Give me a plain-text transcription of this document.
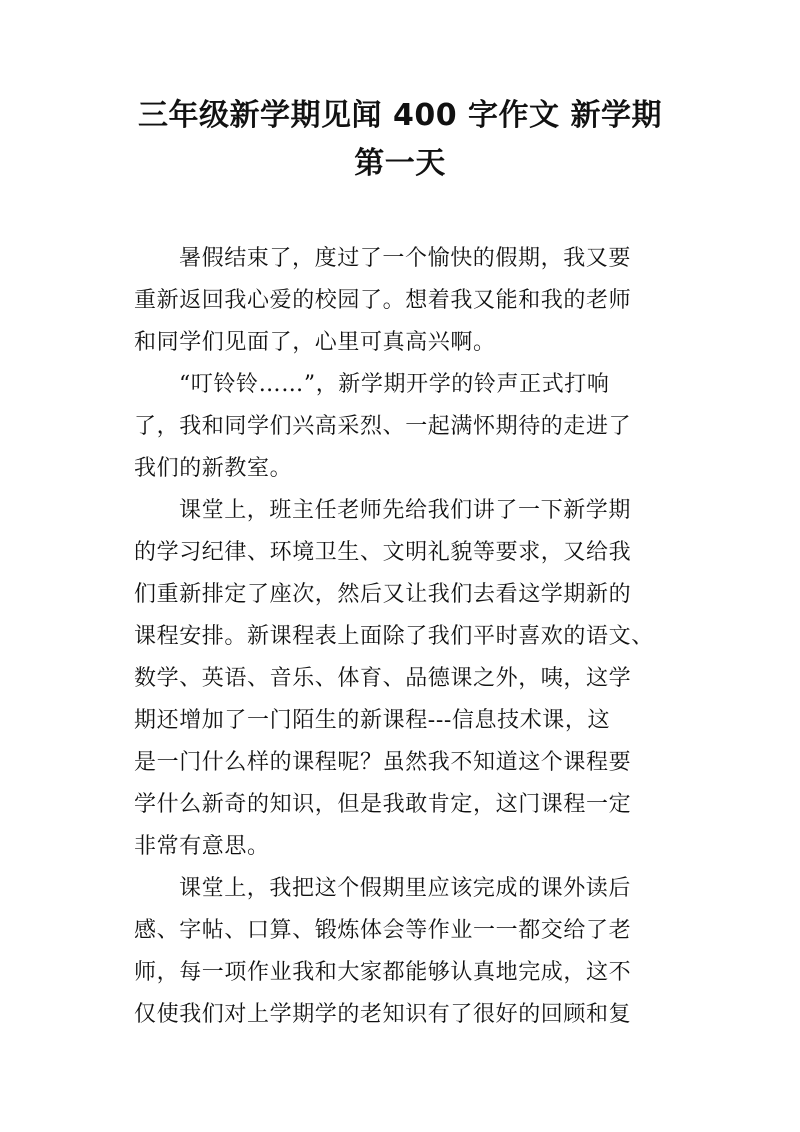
三年级新学期见闻 400 字作文 新学期
第一天
暑假结束了，度过了一个愉快的假期，我又要
重新返回我心爱的校园了。想着我又能和我的老师
和同学们见面了，心里可真高兴啊。
“叮铃铃……”，新学期开学的铃声正式打响
了，我和同学们兴高采烈、一起满怀期待的走进了
我们的新教室。
课堂上，班主任老师先给我们讲了一下新学期
的学习纪律、环境卫生、文明礼貌等要求，又给我
们重新排定了座次，然后又让我们去看这学期新的
课程安排。新课程表上面除了我们平时喜欢的语文、
数学、英语、音乐、体育、品德课之外，咦，这学
期还增加了一门陌生的新课程---信息技术课，这
是一门什么样的课程呢？虽然我不知道这个课程要
学什么新奇的知识，但是我敢肯定，这门课程一定
非常有意思。
课堂上，我把这个假期里应该完成的课外读后
感、字帖、口算、锻炼体会等作业一一都交给了老
师，每一项作业我和大家都能够认真地完成，这不
仅使我们对上学期学的老知识有了很好的回顾和复
